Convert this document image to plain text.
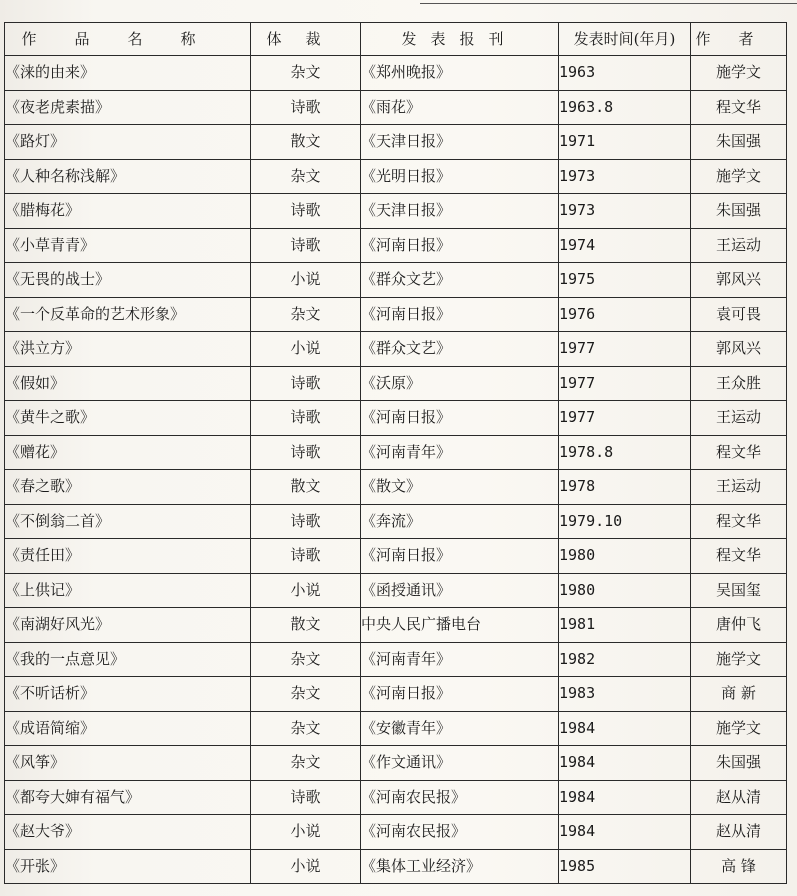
作品名称	体裁	发表报刊	发表时间(年月)	作者
《涞的由来》	杂文	《郑州晚报》	1963	施学文
《夜老虎素描》	诗歌	《雨花》	1963.8	程文华
《路灯》	散文	《天津日报》	1971	朱国强
《人种名称浅解》	杂文	《光明日报》	1973	施学文
《腊梅花》	诗歌	《天津日报》	1973	朱国强
《小草青青》	诗歌	《河南日报》	1974	王运动
《无畏的战士》	小说	《群众文艺》	1975	郭风兴
《一个反革命的艺术形象》	杂文	《河南日报》	1976	袁可畏
《洪立方》	小说	《群众文艺》	1977	郭风兴
《假如》	诗歌	《沃原》	1977	王众胜
《黄牛之歌》	诗歌	《河南日报》	1977	王运动
《赠花》	诗歌	《河南青年》	1978.8	程文华
《春之歌》	散文	《散文》	1978	王运动
《不倒翁二首》	诗歌	《奔流》	1979.10	程文华
《责任田》	诗歌	《河南日报》	1980	程文华
《上供记》	小说	《函授通讯》	1980	吴国玺
《南湖好风光》	散文	中央人民广播电台	1981	唐仲飞
《我的一点意见》	杂文	《河南青年》	1982	施学文
《不听话析》	杂文	《河南日报》	1983	商 新
《成语简缩》	杂文	《安徽青年》	1984	施学文
《风筝》	杂文	《作文通讯》	1984	朱国强
《都夸大婶有福气》	诗歌	《河南农民报》	1984	赵从清
《赵大爷》	小说	《河南农民报》	1984	赵从清
《开张》	小说	《集体工业经济》	1985	高 锋
